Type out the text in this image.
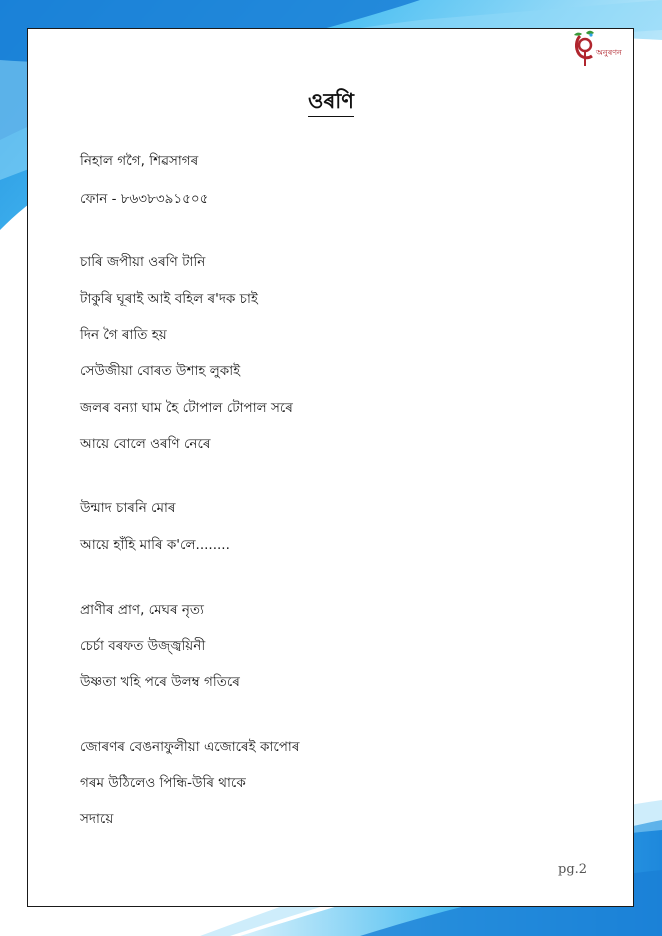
অনুৰণন
ওৰণি
নিহাল গগৈ, শিৱসাগৰ
ফোন - ৮৬৩৮৩৯১৫০৫
চাৰি জপীয়া ওৰণি টানি
টাকুৰি ঘূৰাই আই বহিল ৰ'দক চাই
দিন গৈ ৰাতি হয়
সেউজীয়া বোৰত উশাহ লুকাই
জলৰ বন্যা ঘাম হৈ টোপাল টোপাল সৰে
আয়ে বোলে ওৰণি নেৰে
উন্মাদ চাৰনি মোৰ
আয়ে হাঁহি মাৰি ক'লে........
প্ৰাণীৰ প্ৰাণ, মেঘৰ নৃত্য
চেৰ্চা বৰফত উজ্জ্বয়িনী
উষ্ণতা খহি পৰে উলম্ব গতিৰে
জোৰণৰ বেঙনাফুলীয়া এজোৰেই কাপোৰ
গৰম উঠিলেও পিন্ধি-উৰি থাকে
সদায়ে
pg.2
